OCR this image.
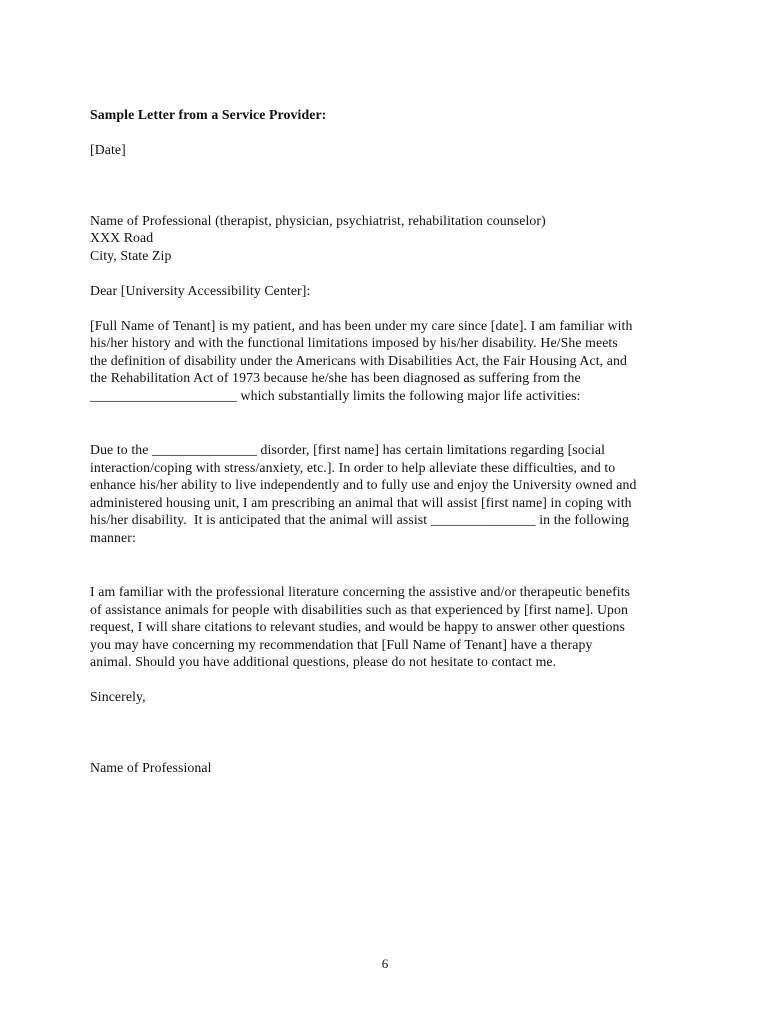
Sample Letter from a Service Provider:
[Date]
Name of Professional (therapist, physician, psychiatrist, rehabilitation counselor)
XXX Road
City, State Zip
Dear [University Accessibility Center]:
[Full Name of Tenant] is my patient, and has been under my care since [date]. I am familiar with
his/her history and with the functional limitations imposed by his/her disability. He/She meets
the definition of disability under the Americans with Disabilities Act, the Fair Housing Act, and
the Rehabilitation Act of 1973 because he/she has been diagnosed as suffering from the
_____________________ which substantially limits the following major life activities:
Due to the _______________ disorder, [first name] has certain limitations regarding [social
interaction/coping with stress/anxiety, etc.]. In order to help alleviate these difficulties, and to
enhance his/her ability to live independently and to fully use and enjoy the University owned and
administered housing unit, I am prescribing an animal that will assist [first name] in coping with
his/her disability.  It is anticipated that the animal will assist _______________ in the following
manner:
I am familiar with the professional literature concerning the assistive and/or therapeutic benefits
of assistance animals for people with disabilities such as that experienced by [first name]. Upon
request, I will share citations to relevant studies, and would be happy to answer other questions
you may have concerning my recommendation that [Full Name of Tenant] have a therapy
animal. Should you have additional questions, please do not hesitate to contact me.
Sincerely,
Name of Professional
6
